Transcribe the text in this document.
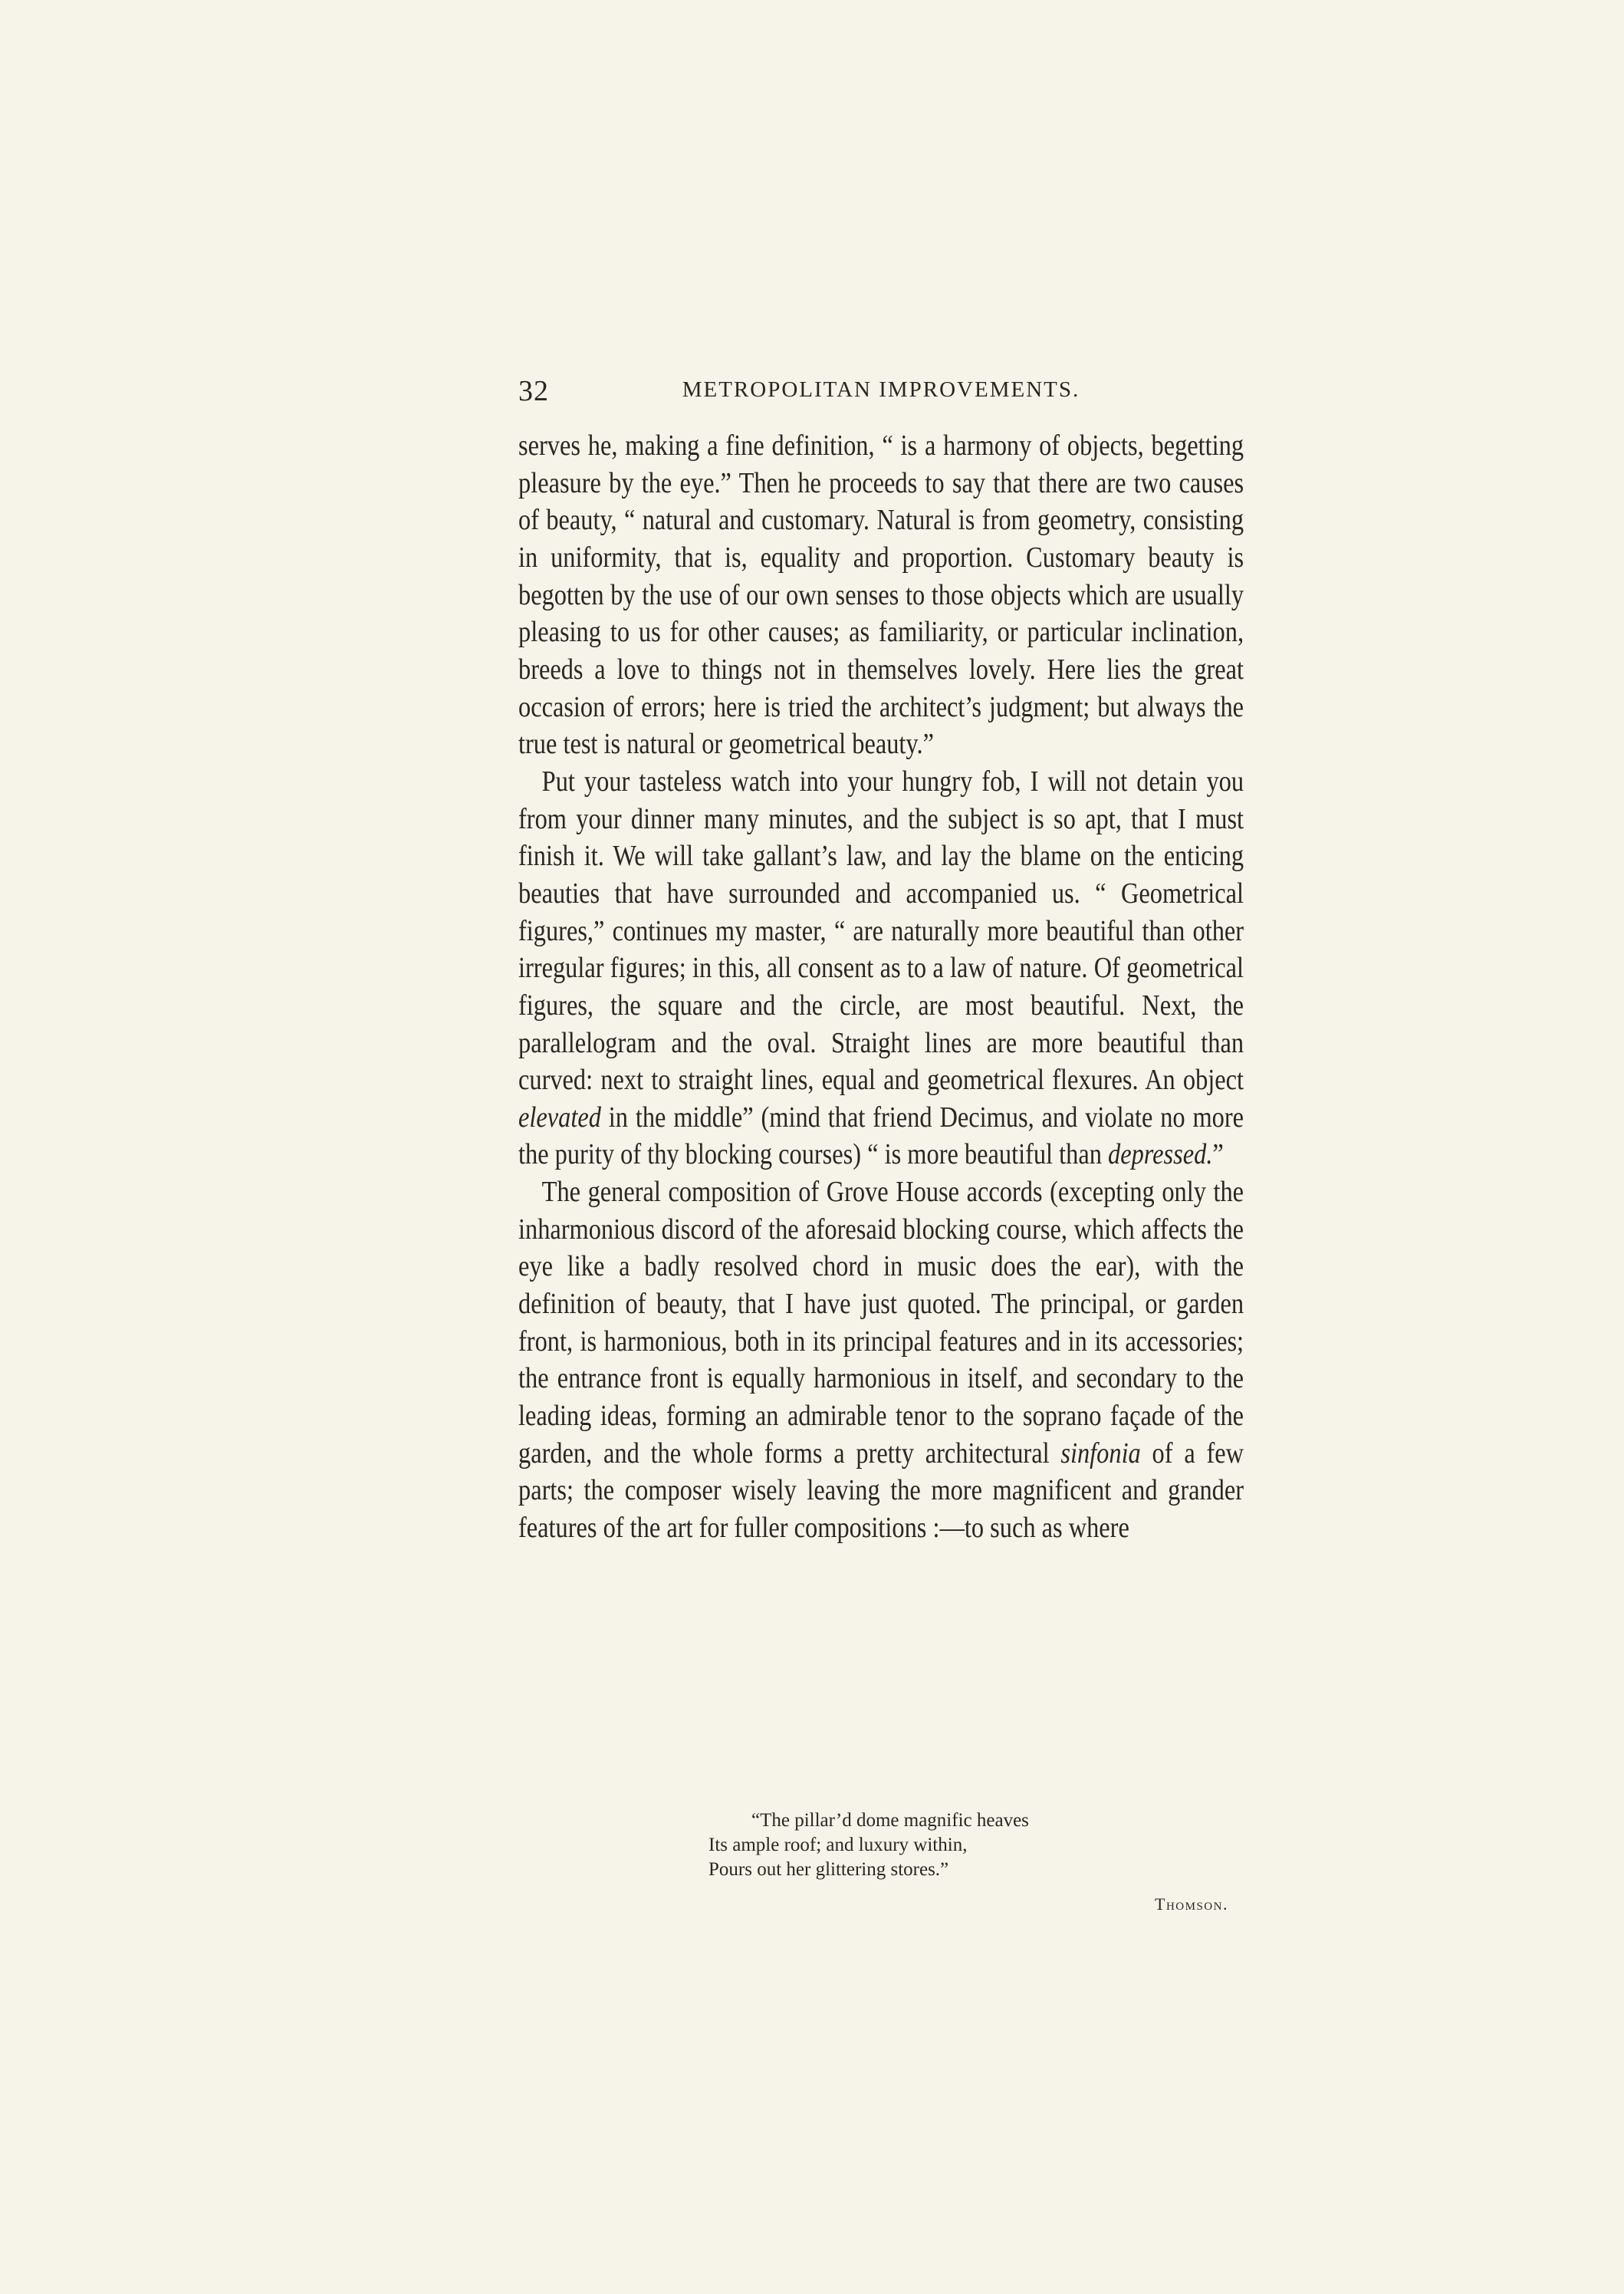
32	METROPOLITAN IMPROVEMENTS.

serves he, making a fine definition, “ is a harmony of objects, begetting pleasure by the eye.” Then he proceeds to say that there are two causes of beauty, “ natural and customary. Natural is from geometry, consisting in uniformity, that is, equality and proportion. Customary beauty is begotten by the use of our own senses to those objects which are usually pleasing to us for other causes; as familiarity, or particular inclination, breeds a love to things not in themselves lovely. Here lies the great occasion of errors; here is tried the architect’s judgment; but always the true test is natural or geometrical beauty.”

Put your tasteless watch into your hungry fob, I will not detain you from your dinner many minutes, and the subject is so apt, that I must finish it. We will take gallant’s law, and lay the blame on the enticing beauties that have surrounded and accompanied us. “ Geometrical figures,” continues my master, “ are naturally more beautiful than other irregular figures; in this, all consent as to a law of nature. Of geometrical figures, the square and the circle, are most beautiful. Next, the parallelogram and the oval. Straight lines are more beautiful than curved: next to straight lines, equal and geometrical flexures. An object elevated in the middle” (mind that friend Decimus, and violate no more the purity of thy blocking courses) “ is more beautiful than depressed.”

The general composition of Grove House accords (excepting only the inharmonious discord of the aforesaid blocking course, which affects the eye like a badly resolved chord in music does the ear), with the definition of beauty, that I have just quoted. The principal, or garden front, is harmonious, both in its principal features and in its accessories; the entrance front is equally harmonious in itself, and secondary to the leading ideas, forming an admirable tenor to the soprano façade of the garden, and the whole forms a pretty architectural sinfonia of a few parts; the composer wisely leaving the more magnificent and grander features of the art for fuller compositions :—to such as where

“The pillar’d dome magnific heaves
Its ample roof; and luxury within,
Pours out her glittering stores.”
Thomson.
